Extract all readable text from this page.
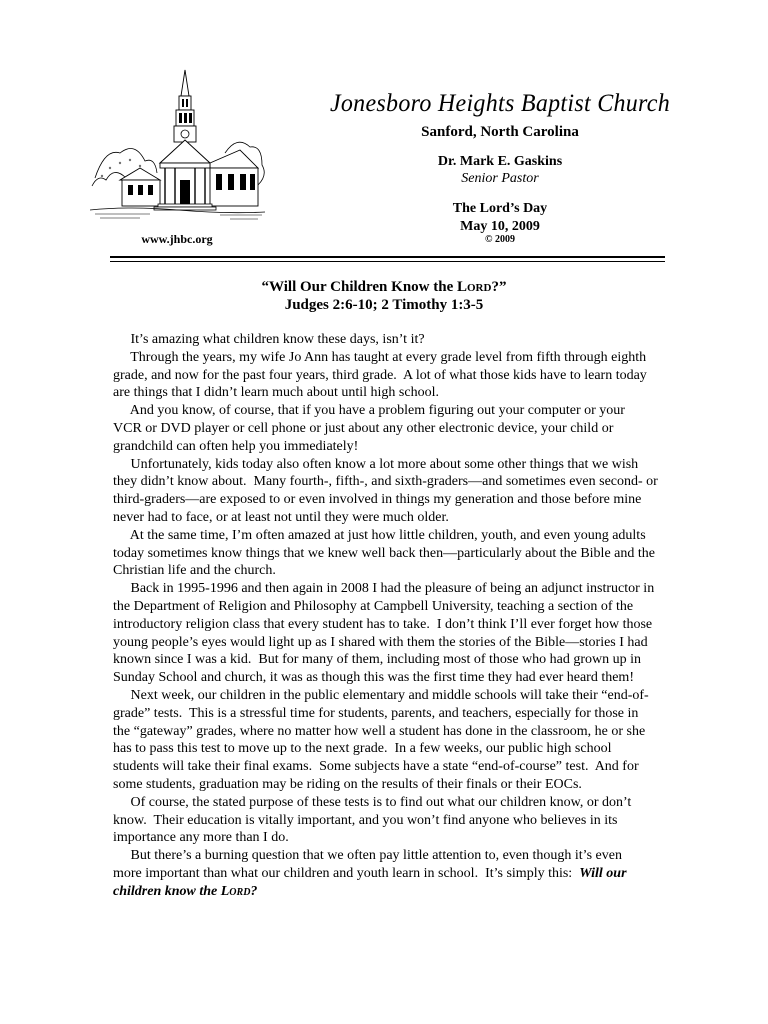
www.jhbc.org
Jonesboro Heights Baptist Church
Sanford, North Carolina
Dr. Mark E. Gaskins
Senior Pastor
The Lord’s Day
May 10, 2009
© 2009
“Will Our Children Know the Lord?”
Judges 2:6-10; 2 Timothy 1:3-5
It’s amazing what children know these days, isn’t it?
Through the years, my wife Jo Ann has taught at every grade level from fifth through eighth
grade, and now for the past four years, third grade.  A lot of what those kids have to learn today
are things that I didn’t learn much about until high school.
And you know, of course, that if you have a problem figuring out your computer or your
VCR or DVD player or cell phone or just about any other electronic device, your child or
grandchild can often help you immediately!
Unfortunately, kids today also often know a lot more about some other things that we wish
they didn’t know about.  Many fourth-, fifth-, and sixth-graders—and sometimes even second- or
third-graders—are exposed to or even involved in things my generation and those before mine
never had to face, or at least not until they were much older.
At the same time, I’m often amazed at just how little children, youth, and even young adults
today sometimes know things that we knew well back then—particularly about the Bible and the
Christian life and the church.
Back in 1995-1996 and then again in 2008 I had the pleasure of being an adjunct instructor in
the Department of Religion and Philosophy at Campbell University, teaching a section of the
introductory religion class that every student has to take.  I don’t think I’ll ever forget how those
young people’s eyes would light up as I shared with them the stories of the Bible—stories I had
known since I was a kid.  But for many of them, including most of those who had grown up in
Sunday School and church, it was as though this was the first time they had ever heard them!
Next week, our children in the public elementary and middle schools will take their “end-of-
grade” tests.  This is a stressful time for students, parents, and teachers, especially for those in
the “gateway” grades, where no matter how well a student has done in the classroom, he or she
has to pass this test to move up to the next grade.  In a few weeks, our public high school
students will take their final exams.  Some subjects have a state “end-of-course” test.  And for
some students, graduation may be riding on the results of their finals or their EOCs.
Of course, the stated purpose of these tests is to find out what our children know, or don’t
know.  Their education is vitally important, and you won’t find anyone who believes in its
importance any more than I do.
But there’s a burning question that we often pay little attention to, even though it’s even
more important than what our children and youth learn in school.  It’s simply this:  Will our
children know the Lord?
